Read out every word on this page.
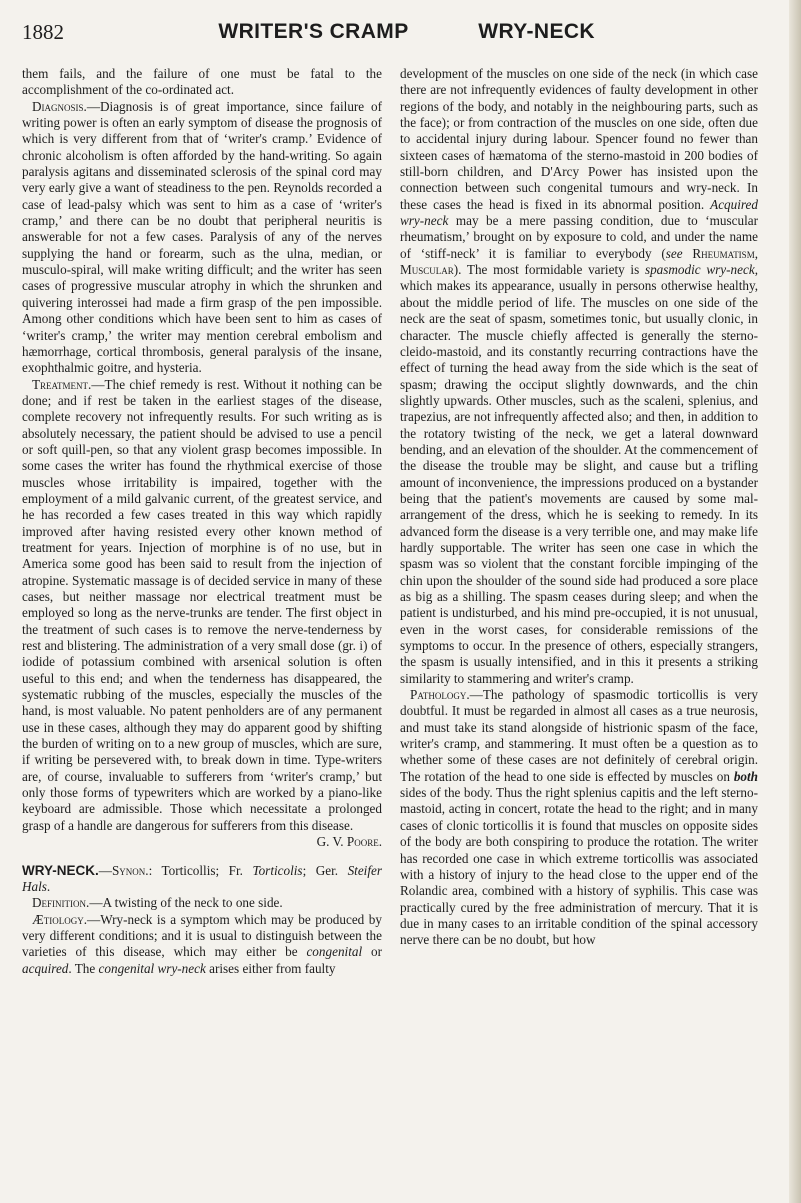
1882	WRITER'S CRAMP	WRY-NECK

them fails, and the failure of one must be fatal to the accomplishment of the co-ordinated act.

Diagnosis.—Diagnosis is of great importance, since failure of writing power is often an early symptom of disease the prognosis of which is very different from that of ‘writer's cramp.’ Evidence of chronic alcoholism is often afforded by the hand-writing. So again paralysis agitans and disseminated sclerosis of the spinal cord may very early give a want of steadiness to the pen. Reynolds recorded a case of lead-palsy which was sent to him as a case of ‘writer's cramp,’ and there can be no doubt that peripheral neuritis is answerable for not a few cases. Paralysis of any of the nerves supplying the hand or forearm, such as the ulna, median, or musculo-spiral, will make writing difficult; and the writer has seen cases of progressive muscular atrophy in which the shrunken and quivering interossei had made a firm grasp of the pen impossible. Among other conditions which have been sent to him as cases of ‘writer's cramp,’ the writer may mention cerebral embolism and hæmorrhage, cortical thrombosis, general paralysis of the insane, exophthalmic goitre, and hysteria.

Treatment.—The chief remedy is rest. Without it nothing can be done; and if rest be taken in the earliest stages of the disease, complete recovery not infrequently results. For such writing as is absolutely necessary, the patient should be advised to use a pencil or soft quill-pen, so that any violent grasp becomes impossible. In some cases the writer has found the rhythmical exercise of those muscles whose irritability is impaired, together with the employment of a mild galvanic current, of the greatest service, and he has recorded a few cases treated in this way which rapidly improved after having resisted every other known method of treatment for years. Injection of morphine is of no use, but in America some good has been said to result from the injection of atropine. Systematic massage is of decided service in many of these cases, but neither massage nor electrical treatment must be employed so long as the nerve-trunks are tender. The first object in the treatment of such cases is to remove the nerve-tenderness by rest and blistering. The administration of a very small dose (gr. i) of iodide of potassium combined with arsenical solution is often useful to this end; and when the tenderness has disappeared, the systematic rubbing of the muscles, especially the muscles of the hand, is most valuable. No patent penholders are of any permanent use in these cases, although they may do apparent good by shifting the burden of writing on to a new group of muscles, which are sure, if writing be persevered with, to break down in time. Type-writers are, of course, invaluable to sufferers from ‘writer's cramp,’ but only those forms of typewriters which are worked by a piano-like keyboard are admissible. Those which necessitate a prolonged grasp of a handle are dangerous for sufferers from this disease.
G. V. Poore.

WRY-NECK.—Synon.: Torticollis; Fr. Torticolis; Ger. Steifer Hals.

Definition.—A twisting of the neck to one side.

Ætiology.—Wry-neck is a symptom which may be produced by very different conditions; and it is usual to distinguish between the varieties of this disease, which may either be congenital or acquired. The congenital wry-neck arises either from faulty

development of the muscles on one side of the neck (in which case there are not infrequently evidences of faulty development in other regions of the body, and notably in the neighbouring parts, such as the face); or from contraction of the muscles on one side, often due to accidental injury during labour. Spencer found no fewer than sixteen cases of hæmatoma of the sterno-mastoid in 200 bodies of still-born children, and D'Arcy Power has insisted upon the connection between such congenital tumours and wry-neck. In these cases the head is fixed in its abnormal position. Acquired wry-neck may be a mere passing condition, due to ‘muscular rheumatism,’ brought on by exposure to cold, and under the name of ‘stiff-neck’ it is familiar to everybody (see Rheumatism, Muscular). The most formidable variety is spasmodic wry-neck, which makes its appearance, usually in persons otherwise healthy, about the middle period of life. The muscles on one side of the neck are the seat of spasm, sometimes tonic, but usually clonic, in character. The muscle chiefly affected is generally the sterno-cleido-mastoid, and its constantly recurring contractions have the effect of turning the head away from the side which is the seat of spasm; drawing the occiput slightly downwards, and the chin slightly upwards. Other muscles, such as the scaleni, splenius, and trapezius, are not infrequently affected also; and then, in addition to the rotatory twisting of the neck, we get a lateral downward bending, and an elevation of the shoulder. At the commencement of the disease the trouble may be slight, and cause but a trifling amount of inconvenience, the impressions produced on a bystander being that the patient's movements are caused by some mal-arrangement of the dress, which he is seeking to remedy. In its advanced form the disease is a very terrible one, and may make life hardly supportable. The writer has seen one case in which the spasm was so violent that the constant forcible impinging of the chin upon the shoulder of the sound side had produced a sore place as big as a shilling. The spasm ceases during sleep; and when the patient is undisturbed, and his mind pre-occupied, it is not unusual, even in the worst cases, for considerable remissions of the symptoms to occur. In the presence of others, especially strangers, the spasm is usually intensified, and in this it presents a striking similarity to stammering and writer's cramp.

Pathology.—The pathology of spasmodic torticollis is very doubtful. It must be regarded in almost all cases as a true neurosis, and must take its stand alongside of histrionic spasm of the face, writer's cramp, and stammering. It must often be a question as to whether some of these cases are not definitely of cerebral origin. The rotation of the head to one side is effected by muscles on both sides of the body. Thus the right splenius capitis and the left sterno-mastoid, acting in concert, rotate the head to the right; and in many cases of clonic torticollis it is found that muscles on opposite sides of the body are both conspiring to produce the rotation. The writer has recorded one case in which extreme torticollis was associated with a history of injury to the head close to the upper end of the Rolandic area, combined with a history of syphilis. This case was practically cured by the free administration of mercury. That it is due in many cases to an irritable condition of the spinal accessory nerve there can be no doubt, but how
